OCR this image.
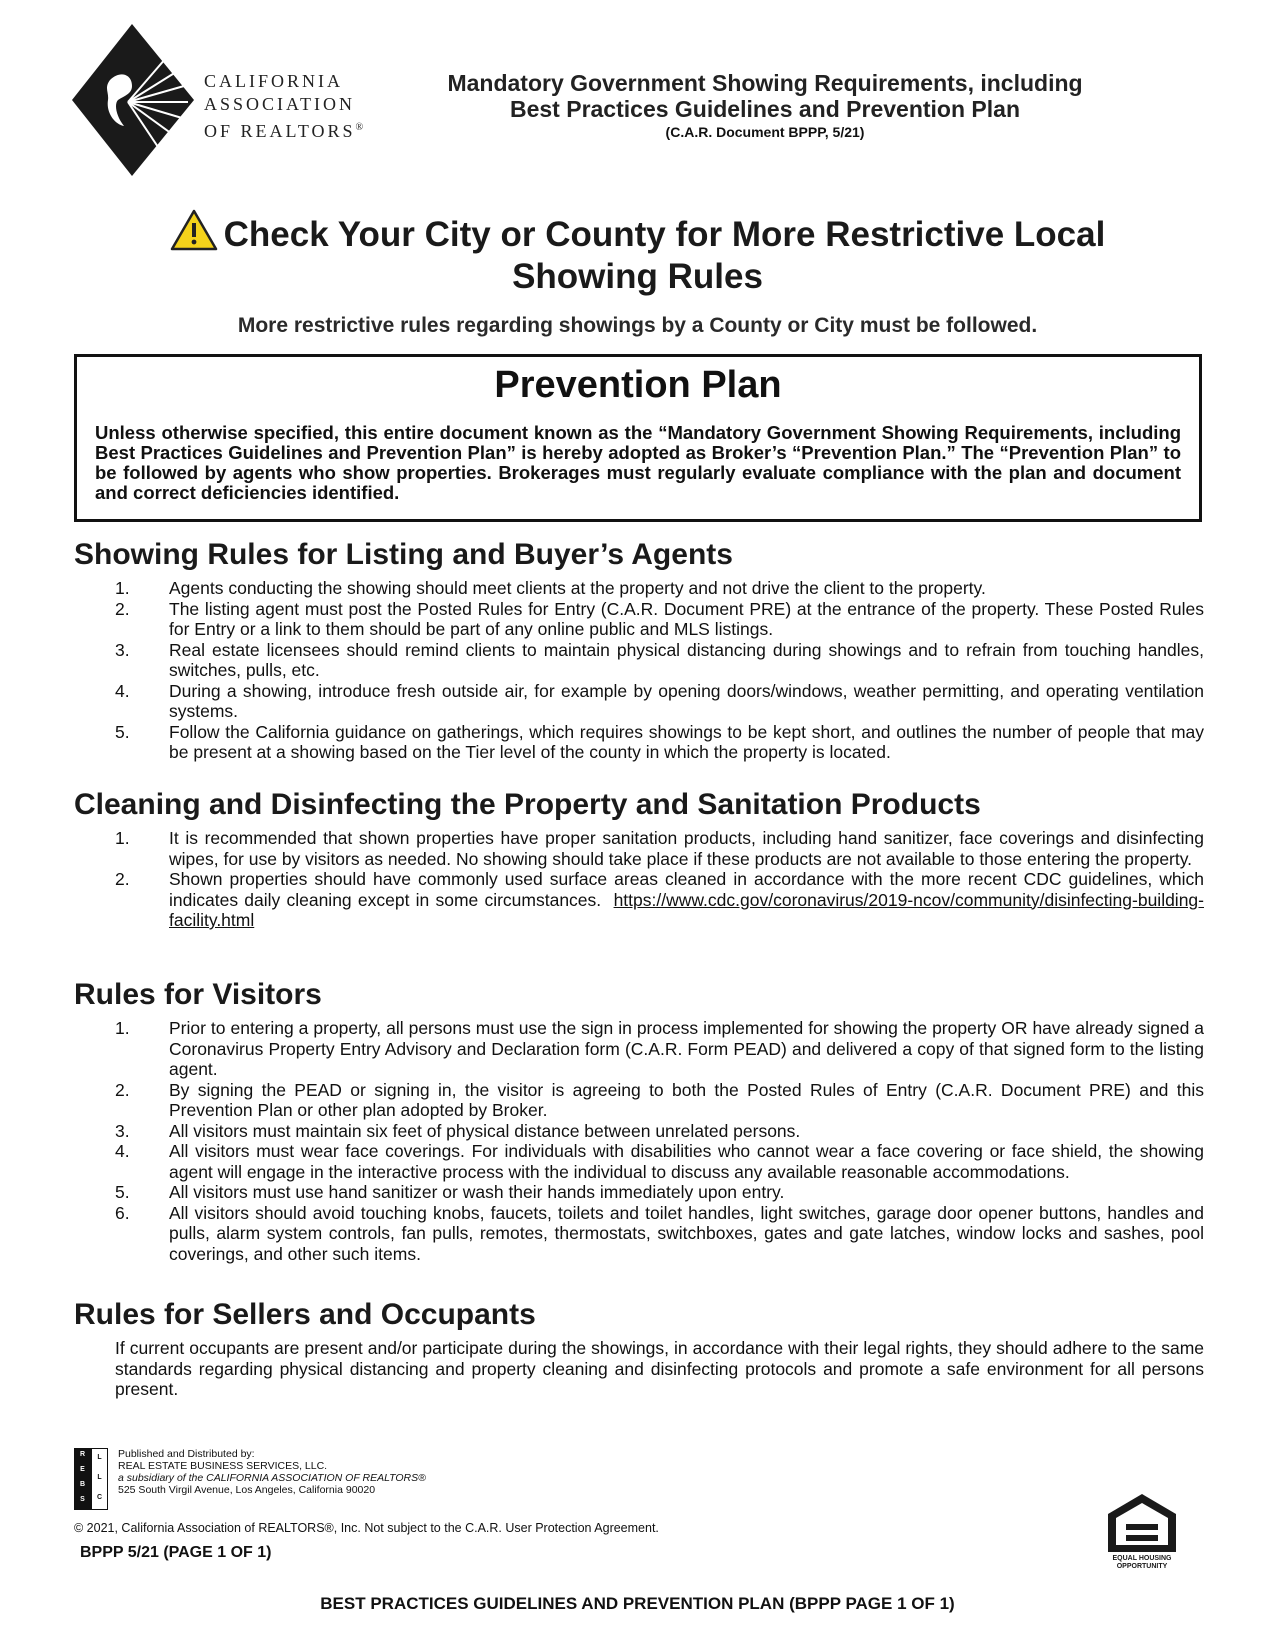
CALIFORNIA
ASSOCIATION
OF REALTORS®
Mandatory Government Showing Requirements, including
Best Practices Guidelines and Prevention Plan
(C.A.R. Document BPPP, 5/21)
Check Your City or County for More Restrictive Local
Showing Rules
More restrictive rules regarding showings by a County or City must be followed.
Prevention Plan
Unless otherwise specified, this entire document known as the “Mandatory Government Showing Requirements, including Best Practices Guidelines and Prevention Plan” is hereby adopted as Broker’s “Prevention Plan.” The “Prevention Plan” to be followed by agents who show properties. Brokerages must regularly evaluate compliance with the plan and document and correct deficiencies identified.
Showing Rules for Listing and Buyer’s Agents
1. Agents conducting the showing should meet clients at the property and not drive the client to the property.
2. The listing agent must post the Posted Rules for Entry (C.A.R. Document PRE) at the entrance of the property. These Posted Rules for Entry or a link to them should be part of any online public and MLS listings.
3. Real estate licensees should remind clients to maintain physical distancing during showings and to refrain from touching handles, switches, pulls, etc.
4. During a showing, introduce fresh outside air, for example by opening doors/windows, weather permitting, and operating ventilation systems.
5. Follow the California guidance on gatherings, which requires showings to be kept short, and outlines the number of people that may be present at a showing based on the Tier level of the county in which the property is located.
Cleaning and Disinfecting the Property and Sanitation Products
1. It is recommended that shown properties have proper sanitation products, including hand sanitizer, face coverings and disinfecting wipes, for use by visitors as needed. No showing should take place if these products are not available to those entering the property.
2. Shown properties should have commonly used surface areas cleaned in accordance with the more recent CDC guidelines, which indicates daily cleaning except in some circumstances. https://www.cdc.gov/coronavirus/2019-ncov/community/disinfecting-building-facility.html
Rules for Visitors
1. Prior to entering a property, all persons must use the sign in process implemented for showing the property OR have already signed a Coronavirus Property Entry Advisory and Declaration form (C.A.R. Form PEAD) and delivered a copy of that signed form to the listing agent.
2. By signing the PEAD or signing in, the visitor is agreeing to both the Posted Rules of Entry (C.A.R. Document PRE) and this Prevention Plan or other plan adopted by Broker.
3. All visitors must maintain six feet of physical distance between unrelated persons.
4. All visitors must wear face coverings. For individuals with disabilities who cannot wear a face covering or face shield, the showing agent will engage in the interactive process with the individual to discuss any available reasonable accommodations.
5. All visitors must use hand sanitizer or wash their hands immediately upon entry.
6. All visitors should avoid touching knobs, faucets, toilets and toilet handles, light switches, garage door opener buttons, handles and pulls, alarm system controls, fan pulls, remotes, thermostats, switchboxes, gates and gate latches, window locks and sashes, pool coverings, and other such items.
Rules for Sellers and Occupants
If current occupants are present and/or participate during the showings, in accordance with their legal rights, they should adhere to the same standards regarding physical distancing and property cleaning and disinfecting protocols and promote a safe environment for all persons present.
R
E
B
S
L
L
C
Published and Distributed by:
REAL ESTATE BUSINESS SERVICES, LLC.
a subsidiary of the CALIFORNIA ASSOCIATION OF REALTORS®
525 South Virgil Avenue, Los Angeles, California 90020
© 2021, California Association of REALTORS®, Inc. Not subject to the C.A.R. User Protection Agreement.
BPPP 5/21 (PAGE 1 OF 1)	EQUAL HOUSING
OPPORTUNITY
BEST PRACTICES GUIDELINES AND PREVENTION PLAN (BPPP PAGE 1 OF 1)
